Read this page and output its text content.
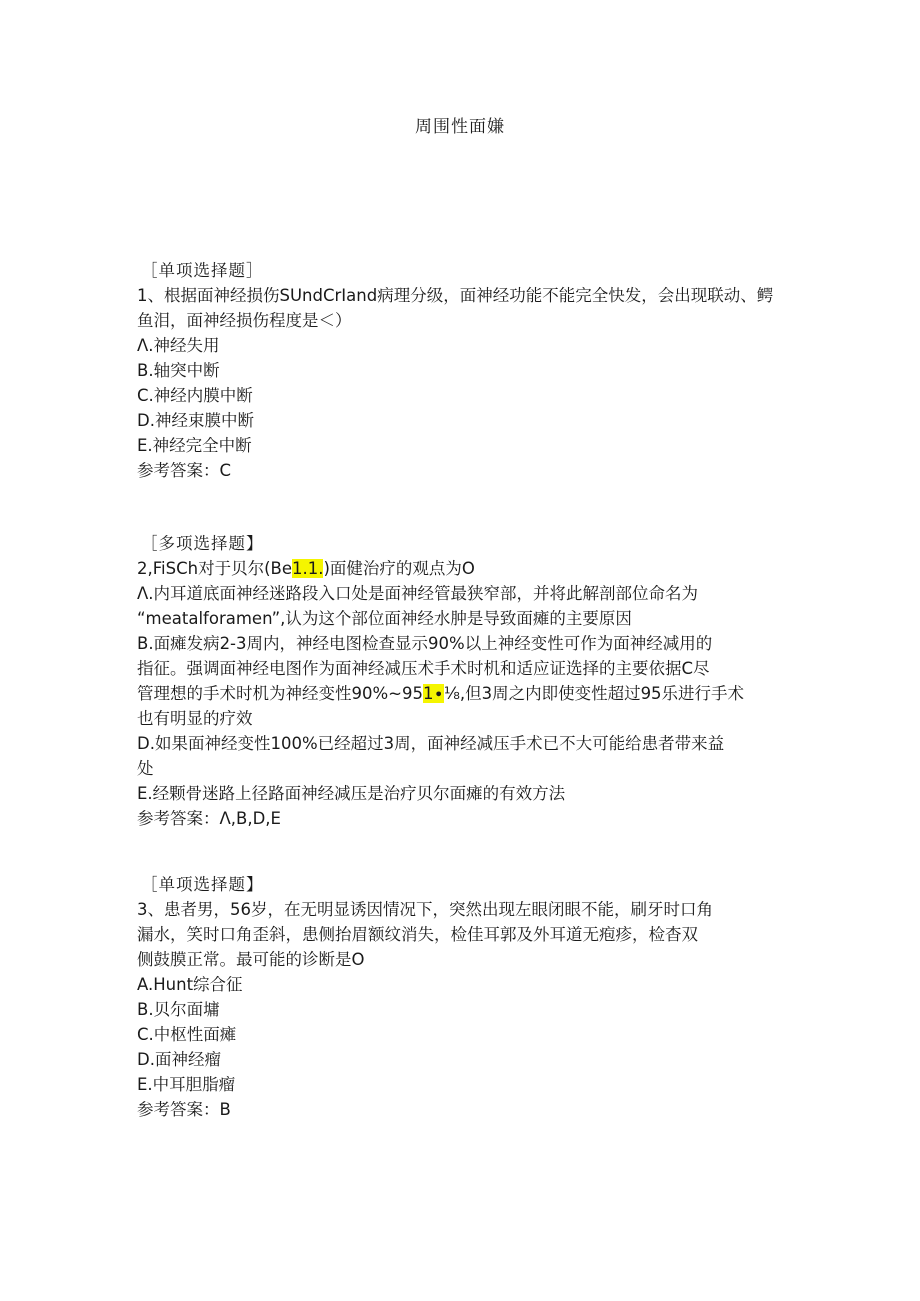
周围性面嫌
［单项选择题］
1、根据面神经损伤SUndCrIand病理分级，面神经功能不能完全快发，会出现联动、鳄鱼泪，面神经损伤程度是＜）
Λ.神经失用
B.轴突中断
C.神经内膜中断
D.神经束膜中断
E.神经完全中断
参考答案：C
［多项选择题】
2,FiSCh对于贝尔(Be1.1.)面健治疗的观点为O
Λ.内耳道底面神经迷路段入口处是面神经管最狭窄部，并将此解剖部位命名为
“meatalforamen”,认为这个部位面神经水肿是导致面瘫的主要原因
B.面瘫发病2-3周内，神经电图检查显示90%以上神经变性可作为面神经减用的
指征。强调面神经电图作为面神经减压术手术时机和适应证选择的主要依据C尽
管理想的手术时机为神经变性90%~951∙⅛,但3周之内即使变性超过95乐进行手术
也有明显的疗效
D.如果面神经变性100%已经超过3周，面神经减压手术已不大可能给患者带来益
处
E.经颗骨迷路上径路面神经减压是治疗贝尔面瘫的有效方法
参考答案：Λ,B,D,E
［单项选择题】
3、患者男，56岁，在无明显诱因情况下，突然出现左眼闭眼不能，刷牙时口角
漏水，笑时口角歪斜，患侧抬眉额纹消失，检佳耳郭及外耳道无疱疹，检杳双
侧鼓膜正常。最可能的诊断是O
A.Hunt综合征
B.贝尔面墉
C.中枢性面瘫
D.面神经瘤
E.中耳胆脂瘤
参考答案：B
